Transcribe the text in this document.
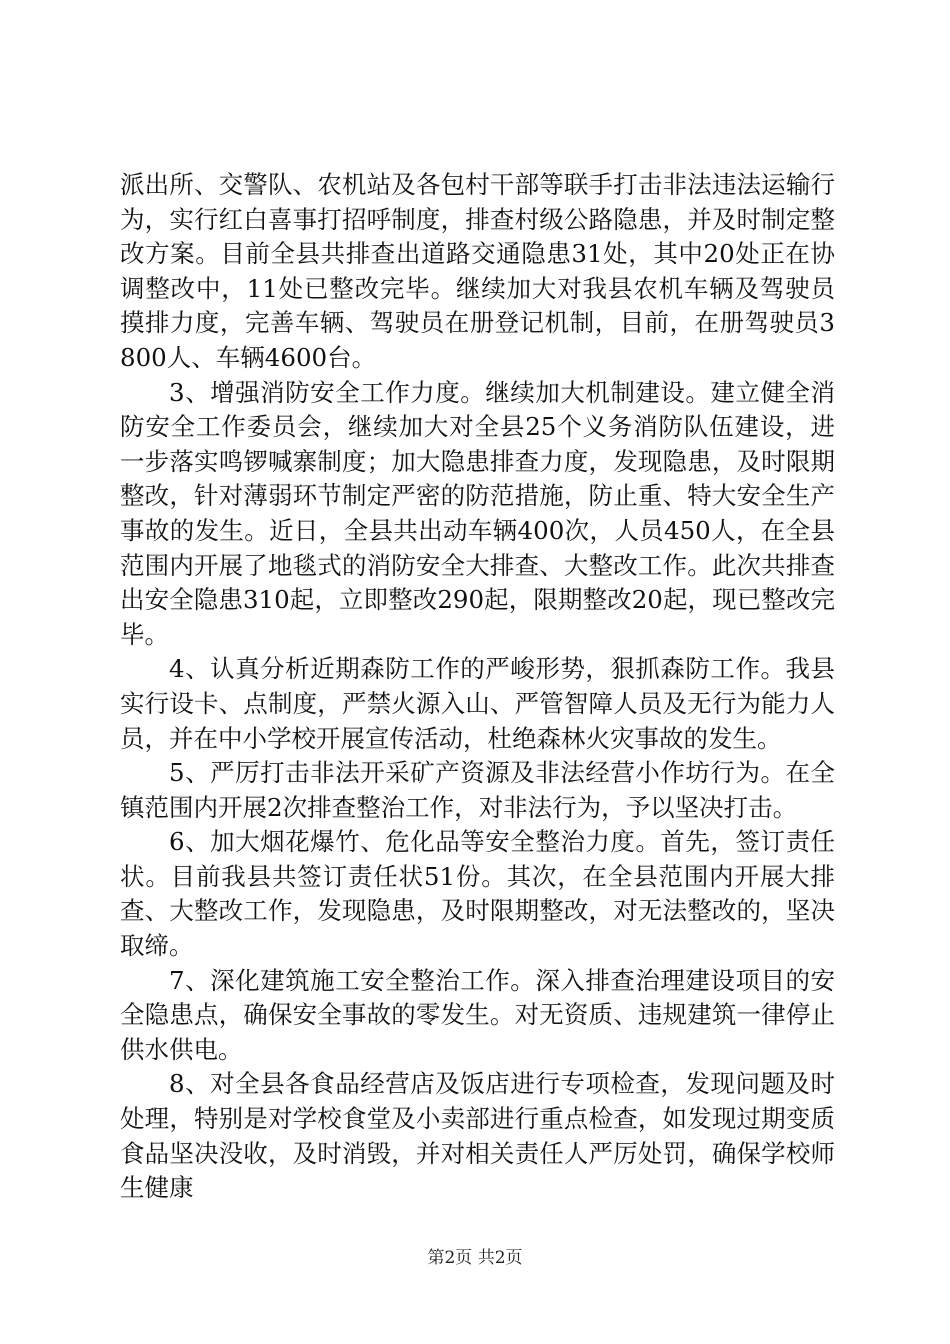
派出所、交警队、农机站及各包村干部等联手打击非法违法运输行为，实行红白喜事打招呼制度，排查村级公路隐患，并及时制定整改方案。目前全县共排查出道路交通隐患31处，其中20处正在协调整改中，11处已整改完毕。继续加大对我县农机车辆及驾驶员摸排力度，完善车辆、驾驶员在册登记机制，目前，在册驾驶员3800人、车辆4600台。

3、增强消防安全工作力度。继续加大机制建设。建立健全消防安全工作委员会，继续加大对全县25个义务消防队伍建设，进一步落实鸣锣喊寨制度；加大隐患排查力度，发现隐患，及时限期整改，针对薄弱环节制定严密的防范措施，防止重、特大安全生产事故的发生。近日，全县共出动车辆400次，人员450人，在全县范围内开展了地毯式的消防安全大排查、大整改工作。此次共排查出安全隐患310起，立即整改290起，限期整改20起，现已整改完毕。

4、认真分析近期森防工作的严峻形势，狠抓森防工作。我县实行设卡、点制度，严禁火源入山、严管智障人员及无行为能力人员，并在中小学校开展宣传活动，杜绝森林火灾事故的发生。

5、严厉打击非法开采矿产资源及非法经营小作坊行为。在全镇范围内开展2次排查整治工作，对非法行为，予以坚决打击。

6、加大烟花爆竹、危化品等安全整治力度。首先，签订责任状。目前我县共签订责任状51份。其次，在全县范围内开展大排查、大整改工作，发现隐患，及时限期整改，对无法整改的，坚决取缔。

7、深化建筑施工安全整治工作。深入排查治理建设项目的安全隐患点，确保安全事故的零发生。对无资质、违规建筑一律停止供水供电。

8、对全县各食品经营店及饭店进行专项检查，发现问题及时处理，特别是对学校食堂及小卖部进行重点检查，如发现过期变质食品坚决没收，及时消毁，并对相关责任人严厉处罚，确保学校师生健康

第2页 共2页
